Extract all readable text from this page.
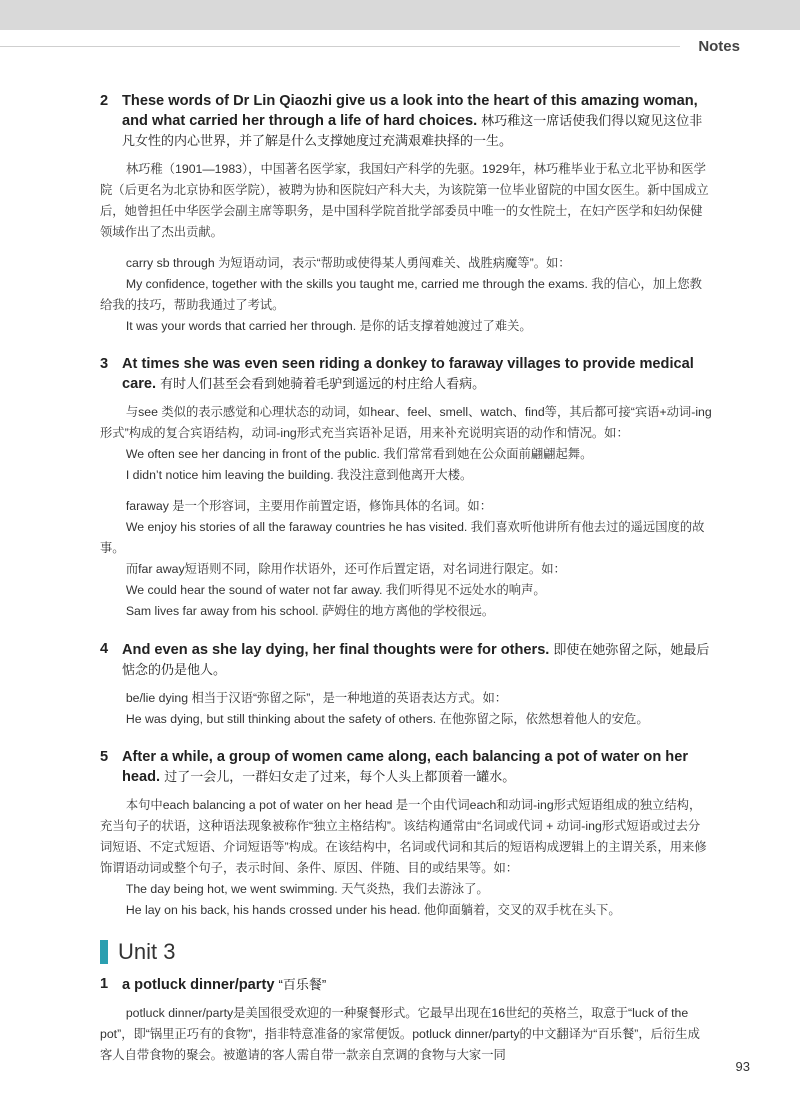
Notes
2 These words of Dr Lin Qiaozhi give us a look into the heart of this amazing woman, and what carried her through a life of hard choices. 林巧稚这一席话使我们得以窥见这位非凡女性的内心世界，并了解是什么支撑她度过充满艰难抉择的一生。

林巧稚（1901—1983），中国著名医学家，我国妇产科学的先驱。1929年，林巧稚毕业于私立北平协和医学院（后更名为北京协和医学院），被聘为协和医院妇产科大夫，为该院第一位毕业留院的中国女医生。新中国成立后，她曾担任中华医学会副主席等职务，是中国科学院首批学部委员中唯一的女性院士，在妇产医学和妇幼保健领域作出了杰出贡献。

carry sb through 为短语动词，表示“帮助或使得某人勇闯难关、战胜病魔等”。如：

My confidence, together with the skills you taught me, carried me through the exams. 我的信心，加上您教给我的技巧，帮助我通过了考试。

It was your words that carried her through. 是你的话支撑着她渡过了难关。

3 At times she was even seen riding a donkey to faraway villages to provide medical care. 有时人们甚至会看到她骑着毛驴到遥远的村庄给人看病。

与see 类似的表示感觉和心理状态的动词，如hear、feel、smell、watch、find等，其后都可接“宾语+动词-ing形式”构成的复合宾语结构，动词-ing形式充当宾语补足语，用来补充说明宾语的动作和情况。如：

We often see her dancing in front of the public. 我们常常看到她在公众面前翩翩起舞。

I didn’t notice him leaving the building. 我没注意到他离开大楼。

faraway 是一个形容词，主要用作前置定语，修饰具体的名词。如：

We enjoy his stories of all the faraway countries he has visited. 我们喜欢听他讲所有他去过的遥远国度的故事。

而far away短语则不同，除用作状语外，还可作后置定语，对名词进行限定。如：

We could hear the sound of water not far away. 我们听得见不远处水的响声。

Sam lives far away from his school. 萨姆住的地方离他的学校很远。

4 And even as she lay dying, her final thoughts were for others. 即使在她弥留之际，她最后惦念的仍是他人。

be/lie dying 相当于汉语“弥留之际”，是一种地道的英语表达方式。如：

He was dying, but still thinking about the safety of others. 在他弥留之际，依然想着他人的安危。

5 After a while, a group of women came along, each balancing a pot of water on her head. 过了一会儿，一群妇女走了过来，每个人头上都顶着一罐水。

本句中each balancing a pot of water on her head 是一个由代词each和动词-ing形式短语组成的独立结构，充当句子的状语，这种语法现象被称作“独立主格结构”。该结构通常由“名词或代词 + 动词-ing形式短语或过去分词短语、不定式短语、介词短语等”构成。在该结构中，名词或代词和其后的短语构成逻辑上的主谓关系，用来修饰谓语动词或整个句子，表示时间、条件、原因、伴随、目的或结果等。如：

The day being hot, we went swimming. 天气炎热，我们去游泳了。

He lay on his back, his hands crossed under his head. 他仰面躺着，交叉的双手枕在头下。

Unit 3
1 a potluck dinner/party “百乐餐”

potluck dinner/party是美国很受欢迎的一种聚餐形式。它最早出现在16世纪的英格兰，取意于“luck of the pot”，即“锅里正巧有的食物”，指非特意准备的家常便饭。potluck dinner/party的中文翻译为“百乐餐”，后衍生成客人自带食物的聚会。被邀请的客人需自带一款亲自烹调的食物与大家一同

93
